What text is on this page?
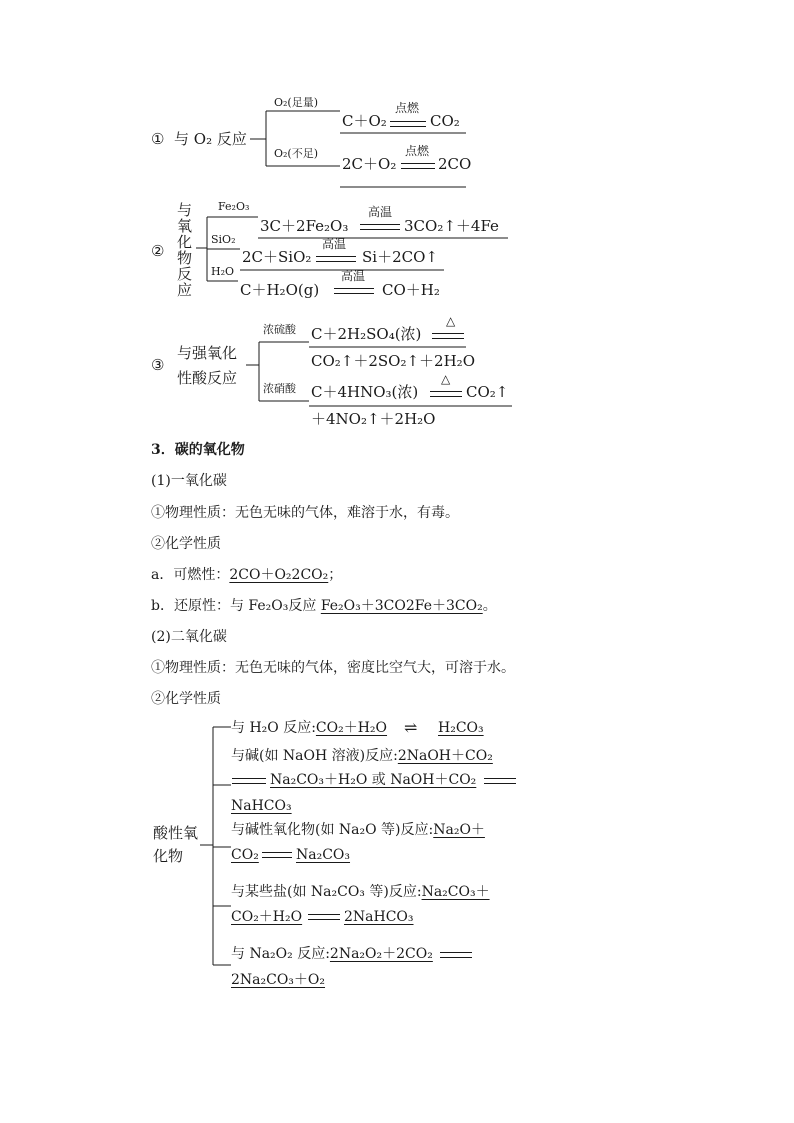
① 与 O₂ 反应
O₂(足量)
C＋O₂
点燃
CO₂
O₂(不足)
2C＋O₂
点燃
2CO
②
与
氧
化
物
反
应
Fe₂O₃
3C＋2Fe₂O₃
高温
3CO₂↑＋4Fe
SiO₂
2C＋SiO₂
高温
Si＋2CO↑
H₂O
C＋H₂O(g)
高温
CO＋H₂
③
与强氧化
性酸反应
浓硫酸 C＋2H₂SO₄(浓)
△
CO₂↑＋2SO₂↑＋2H₂O
浓硝酸 C＋4HNO₃(浓)
△
CO₂↑
＋4NO₂↑＋2H₂O
3．碳的氧化物
(1)一氧化碳
①物理性质：无色无味的气体，难溶于水，有毒。
②化学性质
a．可燃性：2CO＋O₂2CO₂；
b．还原性：与 Fe₂O₃反应 Fe₂O₃＋3CO2Fe＋3CO₂。
(2)二氧化碳
①物理性质：无色无味的气体，密度比空气大，可溶于水。
②化学性质
酸性氧
化物
与 H₂O 反应:CO₂＋H₂O ⇌ H₂CO₃
与碱(如 NaOH 溶液)反应:2NaOH＋CO₂
Na₂CO₃＋H₂O 或 NaOH＋CO₂
NaHCO₃
与碱性氧化物(如 Na₂O 等)反应:Na₂O＋
CO₂	Na₂CO₃
与某些盐(如 Na₂CO₃ 等)反应:Na₂CO₃＋
CO₂＋H₂O	2NaHCO₃
与 Na₂O₂ 反应:2Na₂O₂＋2CO₂
2Na₂CO₃＋O₂
